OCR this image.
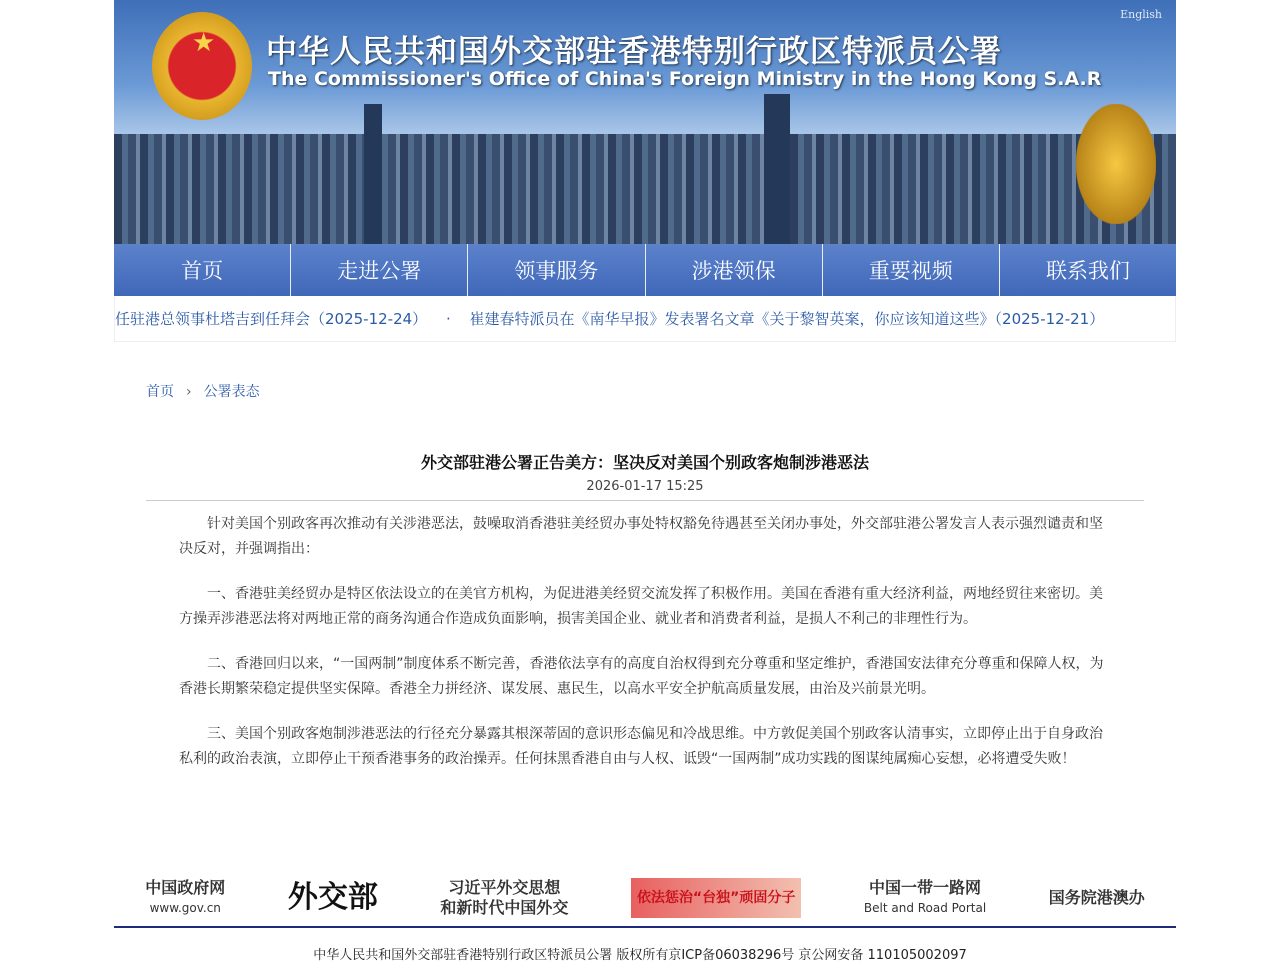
★ 中华人民共和国外交部驻香港特别行政区特派员公署
The Commissioner's Office of China's Foreign Ministry in the Hong Kong S.A.R
English
首页	走进公署	领事服务	涉港领保	重要视频	联系我们
任驻港总领事杜塔吉到任拜会（2025-12-24） · 崔建春特派员在《南华早报》发表署名文章《关于黎智英案，你应该知道这些》（2025-12-21）
首页 › 公署表态
外交部驻港公署正告美方：坚决反对美国个别政客炮制涉港恶法
2026-01-17 15:25

针对美国个别政客再次推动有关涉港恶法，鼓噪取消香港驻美经贸办事处特权豁免待遇甚至关闭办事处，外交部驻港公署发言人表示强烈谴责和坚决反对，并强调指出：

一、香港驻美经贸办是特区依法设立的在美官方机构，为促进港美经贸交流发挥了积极作用。美国在香港有重大经济利益，两地经贸往来密切。美方操弄涉港恶法将对两地正常的商务沟通合作造成负面影响，损害美国企业、就业者和消费者利益，是损人不利己的非理性行为。

二、香港回归以来，“一国两制”制度体系不断完善，香港依法享有的高度自治权得到充分尊重和坚定维护，香港国安法律充分尊重和保障人权，为香港长期繁荣稳定提供坚实保障。香港全力拼经济、谋发展、惠民生，以高水平安全护航高质量发展，由治及兴前景光明。

三、美国个别政客炮制涉港恶法的行径充分暴露其根深蒂固的意识形态偏见和冷战思维。中方敦促美国个别政客认清事实，立即停止出于自身政治私利的政治表演，立即停止干预香港事务的政治操弄。任何抹黑香港自由与人权、诋毁“一国两制”成功实践的图谋纯属痴心妄想，必将遭受失败！

中国政府网
www.gov.cn 外交部	习近平外交思想
和新时代中国外交	依法惩治“台独”顽固分子
中国一带一路网
Belt and Road Portal
国务院港澳办
中华人民共和国外交部驻香港特别行政区特派员公署 版权所有京ICP备06038296号 京公网安备 110105002097
